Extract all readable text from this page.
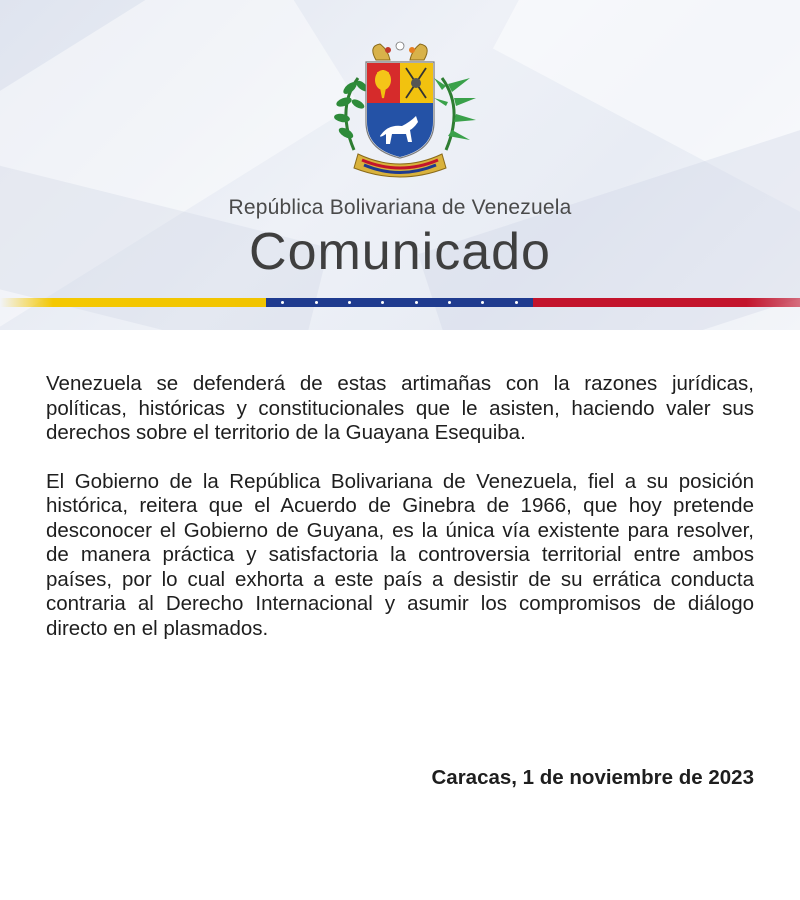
República Bolivariana de Venezuela
Comunicado

Venezuela se defenderá de estas artimañas con la razones jurídicas, políticas, históricas y constitucionales que le asisten, haciendo valer sus derechos sobre el territorio de la Guayana Esequiba.

El Gobierno de la República Bolivariana de Venezuela, fiel a su posición histórica, reitera que el Acuerdo de Ginebra de 1966, que hoy pretende desconocer el Gobierno de Guyana, es la única vía existente para resolver, de manera práctica y satisfactoria la controversia territorial entre ambos países, por lo cual exhorta a este país a desistir de su errática conducta contraria al Derecho Internacional y asumir los compromisos de diálogo directo en el plasmados.

Caracas, 1 de noviembre de 2023
